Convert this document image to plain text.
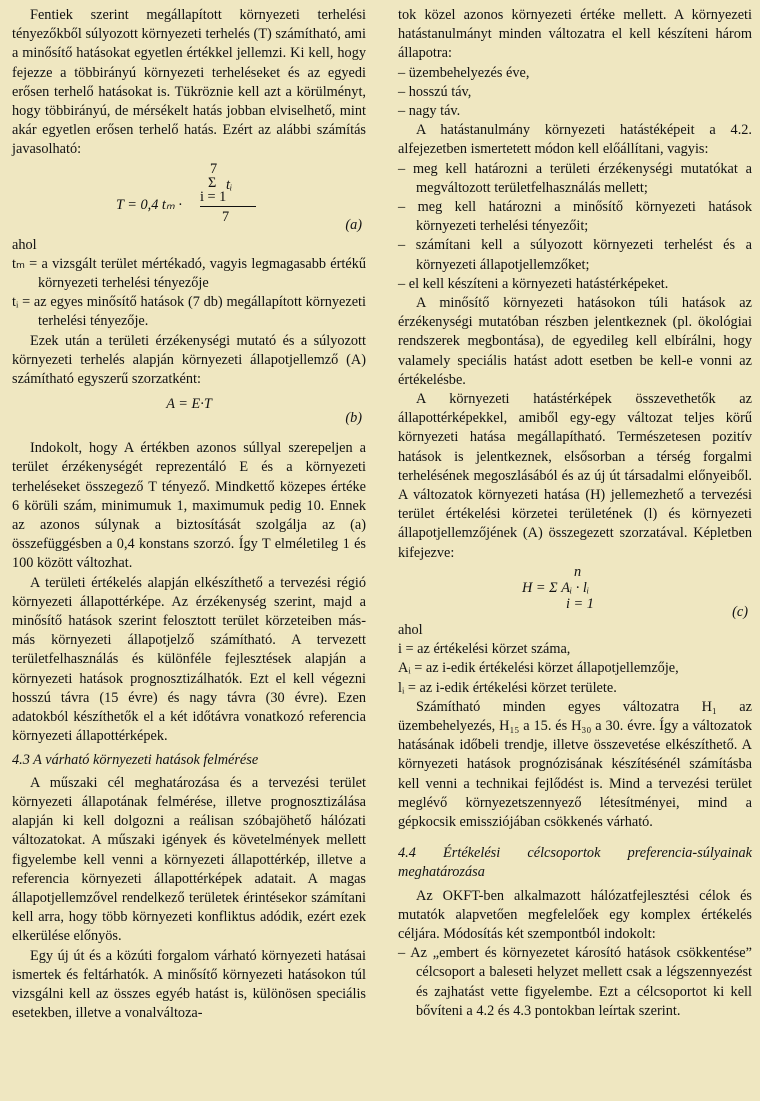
Fentiek szerint megállapított környezeti terhelési tényezőkből súlyozott környezeti terhelés (T) számítható, ami a minősítő hatásokat egyetlen értékkel jellemzi. Ki kell, hogy fejezze a többirányú környezeti terheléseket és az egyedi erősen terhelő hatásokat is. Tükröznie kell azt a körülményt, hogy többirányú, de mérsékelt hatás jobban elviselhető, mint akár egyetlen erősen terhelő hatás. Ezért az alábbi számítás javasolható:

7
Σ tᵢ
i = 1
T = 0,4 tₘ ·
7	(a)

ahol

tₘ = a vizsgált terület mértékadó, vagyis legmagasabb értékű környezeti terhelési tényezője

tᵢ = az egyes minősítő hatások (7 db) megállapított környezeti terhelési tényezője.

Ezek után a területi érzékenységi mutató és a súlyozott környezeti terhelés alapján környezeti állapotjellemző (A) számítható egyszerű szorzatként:

A = E·T
(b)

Indokolt, hogy A értékben azonos súllyal szerepeljen a terület érzékenységét reprezentáló E és a környezeti terheléseket összegező T tényező. Mindkettő közepes értéke 6 körüli szám, minimumuk 1, maximumuk pedig 10. Ennek az azonos súlynak a biztosítását szolgálja az (a) összefüggésben a 0,4 konstans szorzó. Így T elméletileg 1 és 100 között változhat.

A területi értékelés alapján elkészíthető a tervezési régió környezeti állapottérképe. Az érzékenység szerint, majd a minősítő hatások szerint felosztott terület körzeteiben más-más környezeti állapotjelző számítható. A tervezett területfelhasználás és különféle fejlesztések alapján a környezeti hatások prognosztizálhatók. Ezt el kell végezni hosszú távra (15 évre) és nagy távra (30 évre). Ezen adatokból készíthetők el a két időtávra vonatkozó referencia környezeti állapottérképek.

4.3 A várható környezeti hatások felmérése

A műszaki cél meghatározása és a tervezési terület környezeti állapotának felmérése, illetve prognosztizálása alapján ki kell dolgozni a reálisan szóbajöhető hálózati változatokat. A műszaki igények és követelmények mellett figyelembe kell venni a környezeti állapottérkép, illetve a referencia környezeti állapottérképek adatait. A magas állapotjellemzővel rendelkező területek érintésekor számítani kell arra, hogy több környezeti konfliktus adódik, ezért ezek elkerülése előnyös.

Egy új út és a közúti forgalom várható környezeti hatásai ismertek és feltárhatók. A minősítő környezeti hatásokon túl vizsgálni kell az összes egyéb hatást is, különösen speciális esetekben, illetve a vonalváltoza-

tok közel azonos környezeti értéke mellett. A környezeti hatástanulmányt minden változatra el kell készíteni három állapotra:

– üzembehelyezés éve,

– hosszú táv,

– nagy táv.

A hatástanulmány környezeti hatástéképeit a 4.2. alfejezetben ismertetett módon kell előállítani, vagyis:

– meg kell határozni a területi érzékenységi mutatókat a megváltozott területfelhasználás mellett;

– meg kell határozni a minősítő környezeti hatások környezeti terhelési tényezőit;

– számítani kell a súlyozott környezeti terhelést és a környezeti állapotjellemzőket;

– el kell készíteni a környezeti hatástérképeket.

A minősítő környezeti hatásokon túli hatások az érzékenységi mutatóban részben jelentkeznek (pl. ökológiai rendszerek megbontása), de egyedileg kell elbírálni, hogy valamely speciális hatást adott esetben be kell-e vonni az értékelésbe.

A környezeti hatástérképek összevethetők az állapottérképekkel, amiből egy-egy változat teljes körű környezeti hatása megállapítható. Természetesen pozitív hatások is jelentkeznek, elsősorban a térség forgalmi terhelésének megoszlásából és az új út társadalmi előnyeiből. A változatok környezeti hatása (H) jellemezhető a tervezési terület értékelési körzetei területének (l) és környezeti állapotjellemzőjének (A) összegezett szorzatával. Képletben kifejezve:

n
H = Σ Aᵢ · lᵢ
i = 1	(c)

ahol

i = az értékelési körzet száma,

Aᵢ = az i-edik értékelési körzet állapotjellemzője,

lᵢ = az i-edik értékelési körzet területe.

Számítható minden egyes változatra H₁ az üzembehelyezés, H₁₅ a 15. és H₃₀ a 30. évre. Így a változatok hatásának időbeli trendje, illetve összevetése elkészíthető. A környezeti hatások prognózisának készítésénél számításba kell venni a technikai fejlődést is. Mind a tervezési terület meglévő környezetszennyező létesítményei, mind a gépkocsik emissziójában csökkenés várható.

4.4 Értékelési célcsoportok preferencia-súlyainak meghatározása

Az OKFT-ben alkalmazott hálózatfejlesztési célok és mutatók alapvetően megfelelőek egy komplex értékelés céljára. Módosítás két szempontból indokolt:

– Az „embert és környezetet károsító hatások csökkentése” célcsoport a baleseti helyzet mellett csak a légszennyezést és zajhatást vette figyelembe. Ezt a célcsoportot ki kell bővíteni a 4.2 és 4.3 pontokban leírtak szerint.
